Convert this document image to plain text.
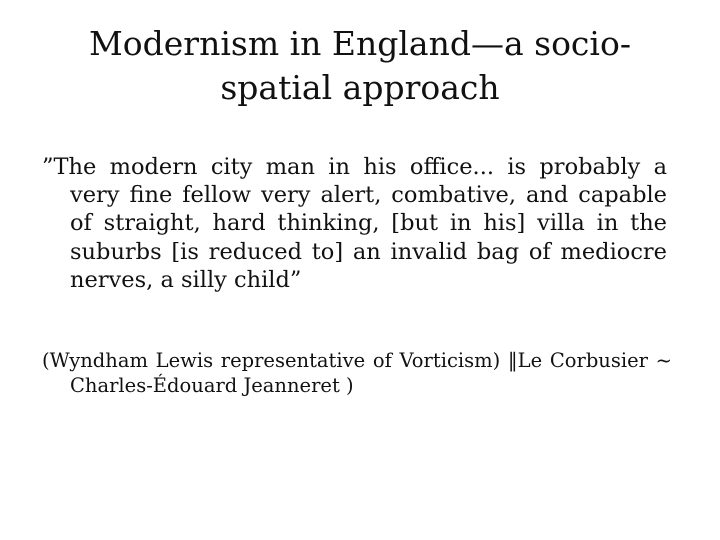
Modernism in England—a socio-spatial approach

”The modern city man in his office... is probably a very fine fellow very alert, combative, and capable of straight, hard thinking, [but in his] villa in the suburbs [is reduced to] an invalid bag of mediocre nerves, a silly child”

(Wyndham Lewis representative of Vorticism) ‖Le Corbusier ~ Charles-Édouard Jeanneret )
